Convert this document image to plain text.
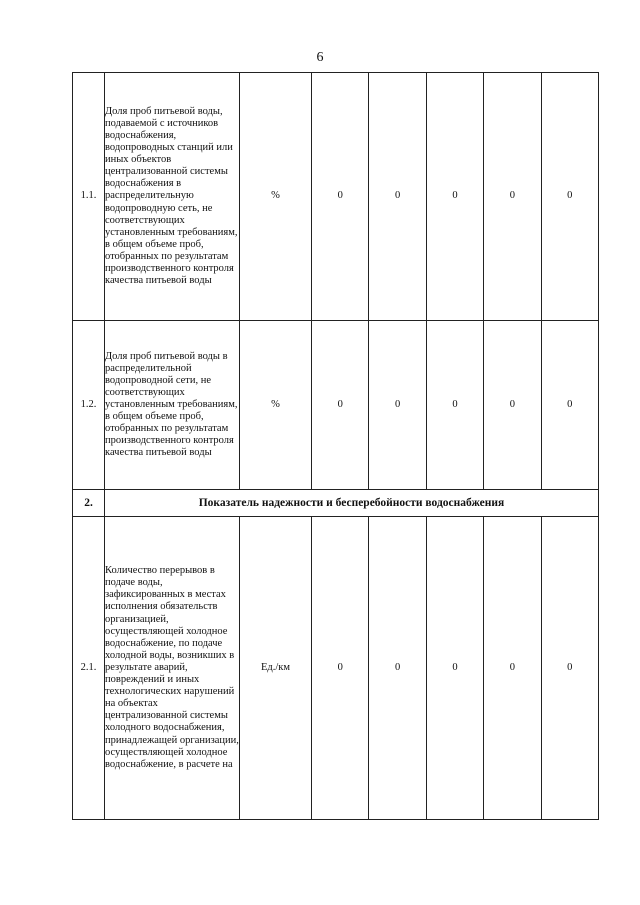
6
1.1.	Доля проб питьевой воды, подаваемой с источников водоснабжения, водопроводных станций или иных объектов централизованной системы водоснабжения в распределительную водопроводную сеть, не соответствующих установленным требованиям, в общем объеме проб, отобранных по результатам производственного контроля качества питьевой воды	%	0	0	0	0	0
1.2.	Доля проб питьевой воды в распределительной водопроводной сети, не соответствующих установленным требованиям, в общем объеме проб, отобранных по результатам производственного контроля качества питьевой воды	%	0	0	0	0	0
2.	Показатель надежности и бесперебойности водоснабжения						
2.1.	Количество перерывов в подаче воды, зафиксированных в местах исполнения обязательств организацией, осуществляющей холодное водоснабжение, по подаче холодной воды, возникших в результате аварий, повреждений и иных технологических нарушений на объектах централизованной системы холодного водоснабжения, принадлежащей организации, осуществляющей холодное водоснабжение, в расчете на	Ед./км	0	0	0	0	0
